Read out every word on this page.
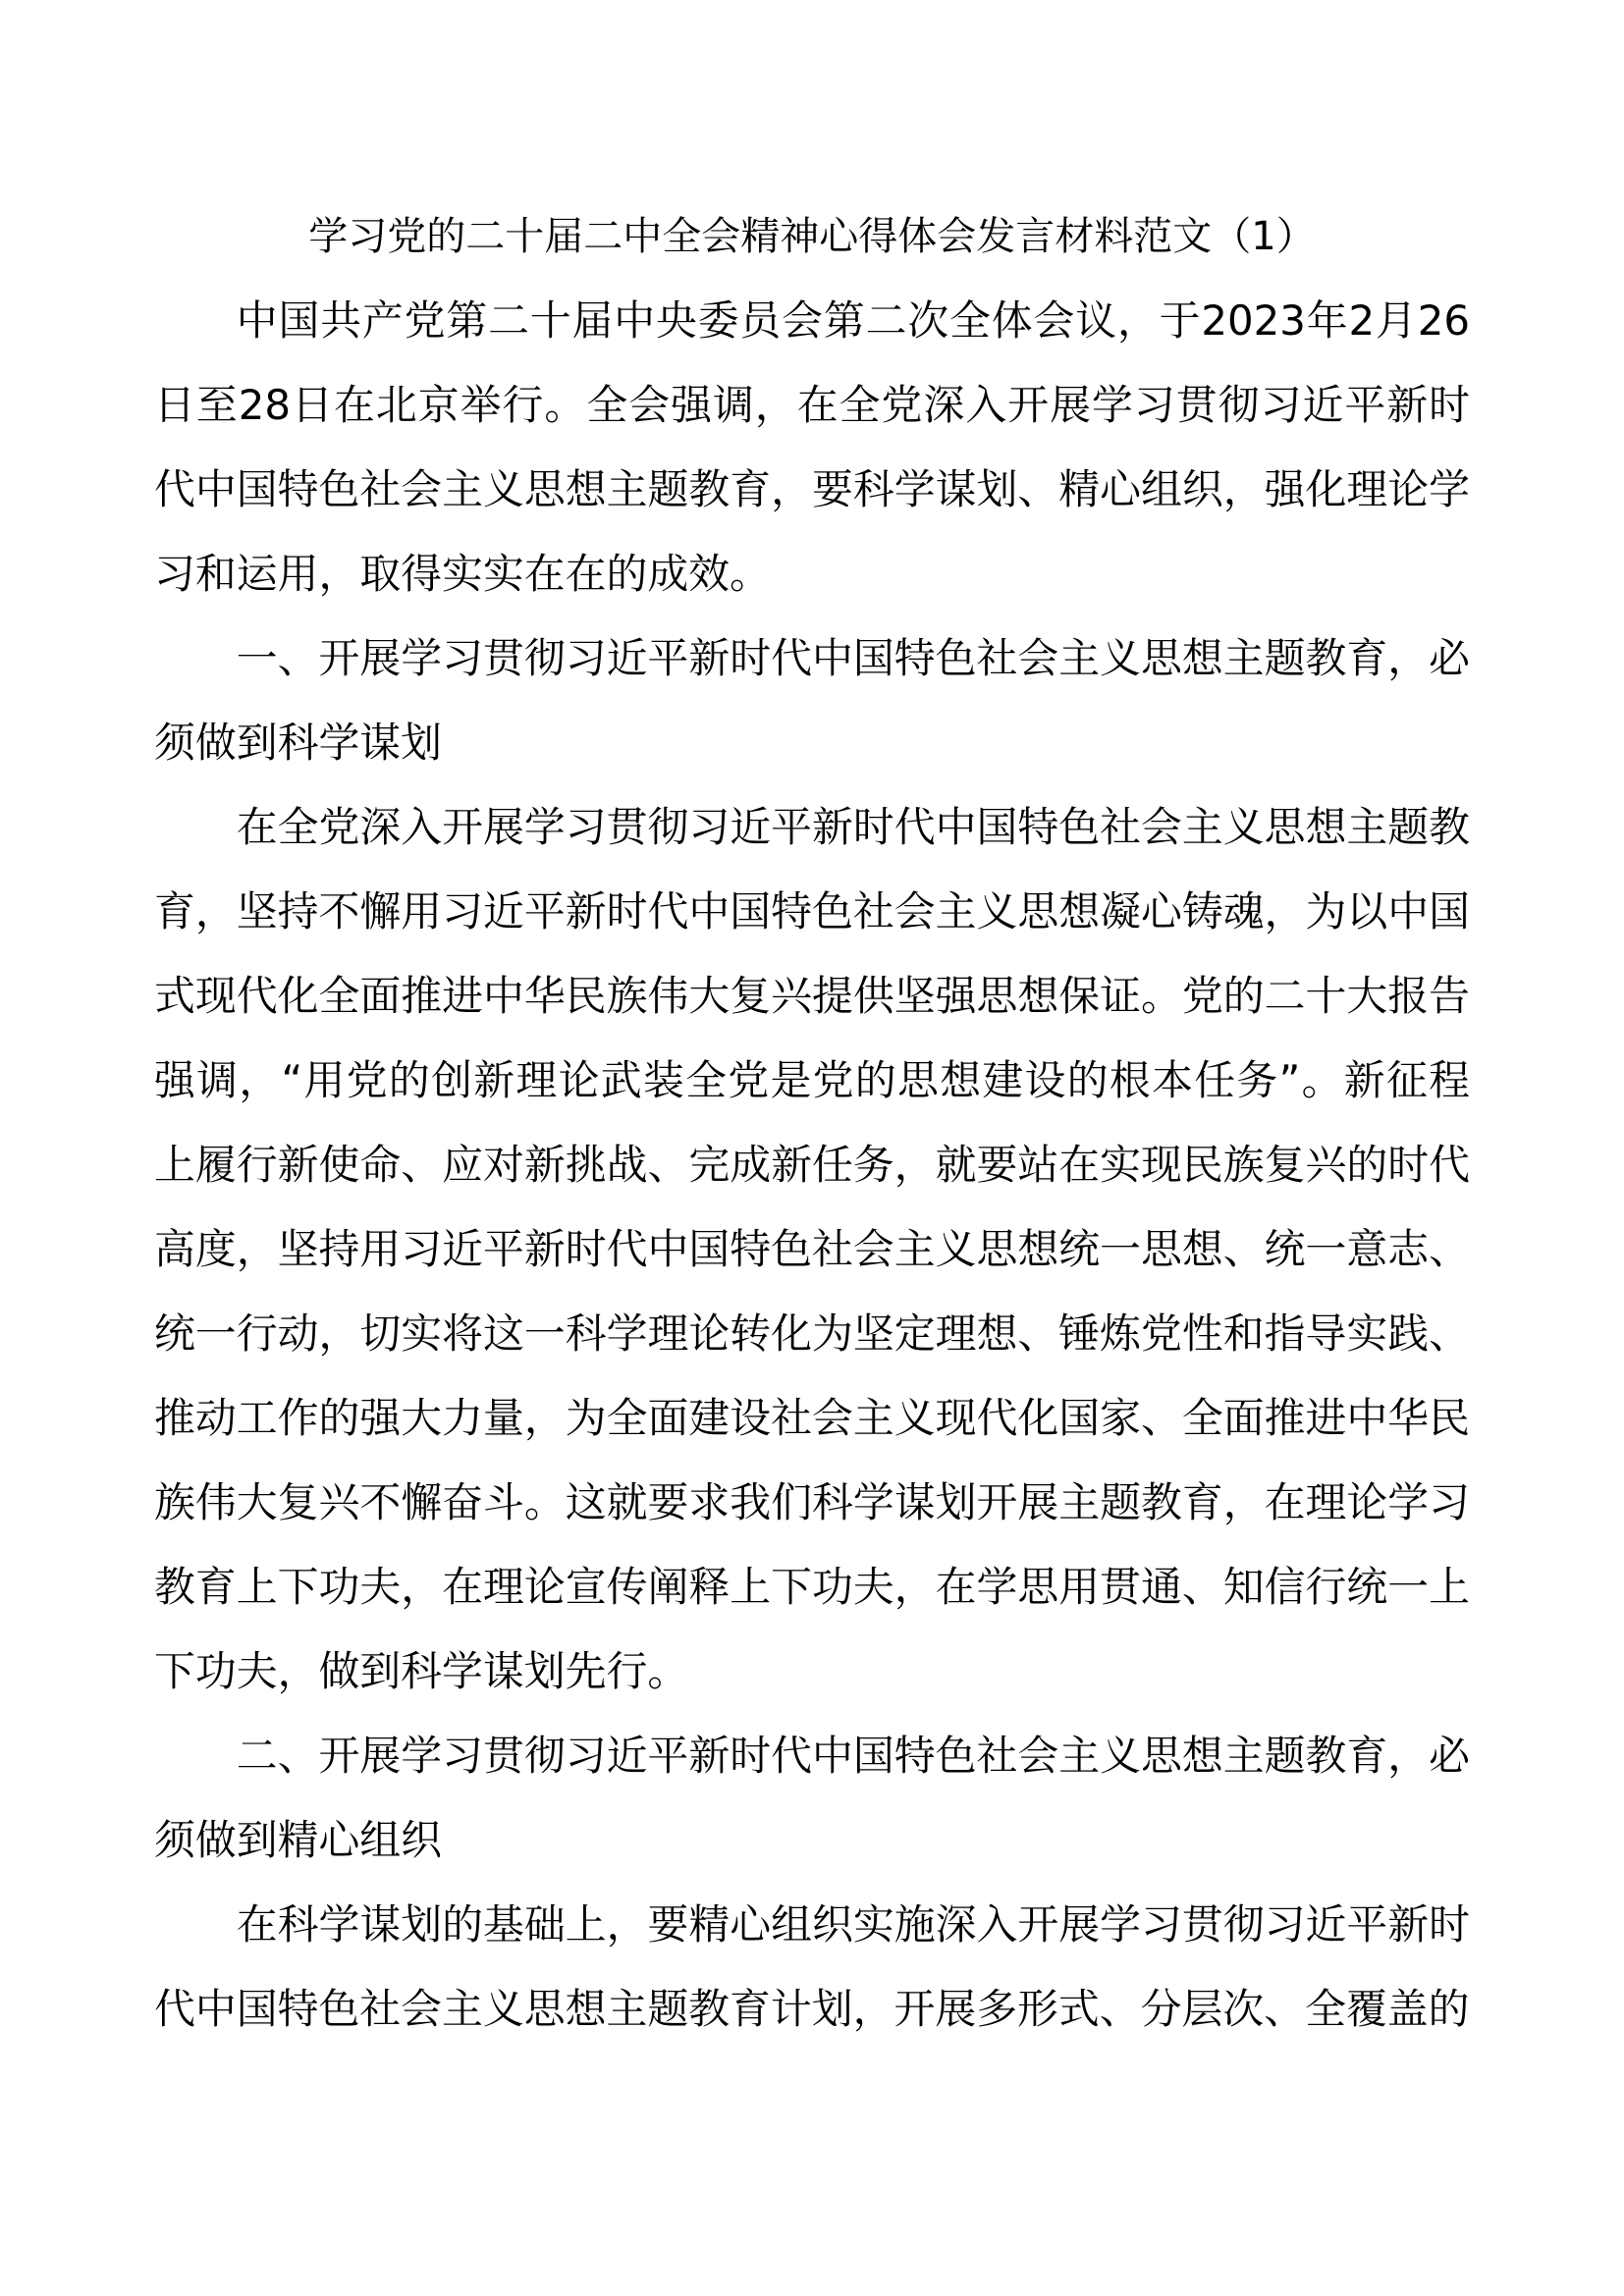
学习党的二十届二中全会精神心得体会发言材料范文（1）

中国共产党第二十届中央委员会第二次全体会议，于2023年2月26日至28日在北京举行。全会强调，在全党深入开展学习贯彻习近平新时代中国特色社会主义思想主题教育，要科学谋划、精心组织，强化理论学习和运用，取得实实在在的成效。

一、开展学习贯彻习近平新时代中国特色社会主义思想主题教育，必须做到科学谋划

在全党深入开展学习贯彻习近平新时代中国特色社会主义思想主题教育，坚持不懈用习近平新时代中国特色社会主义思想凝心铸魂，为以中国式现代化全面推进中华民族伟大复兴提供坚强思想保证。党的二十大报告强调，“用党的创新理论武装全党是党的思想建设的根本任务”。新征程上履行新使命、应对新挑战、完成新任务，就要站在实现民族复兴的时代高度，坚持用习近平新时代中国特色社会主义思想统一思想、统一意志、统一行动，切实将这一科学理论转化为坚定理想、锤炼党性和指导实践、推动工作的强大力量，为全面建设社会主义现代化国家、全面推进中华民族伟大复兴不懈奋斗。这就要求我们科学谋划开展主题教育，在理论学习教育上下功夫，在理论宣传阐释上下功夫，在学思用贯通、知信行统一上下功夫，做到科学谋划先行。

二、开展学习贯彻习近平新时代中国特色社会主义思想主题教育，必须做到精心组织

在科学谋划的基础上，要精心组织实施深入开展学习贯彻习近平新时代中国特色社会主义思想主题教育计划，开展多形式、分层次、全覆盖的
